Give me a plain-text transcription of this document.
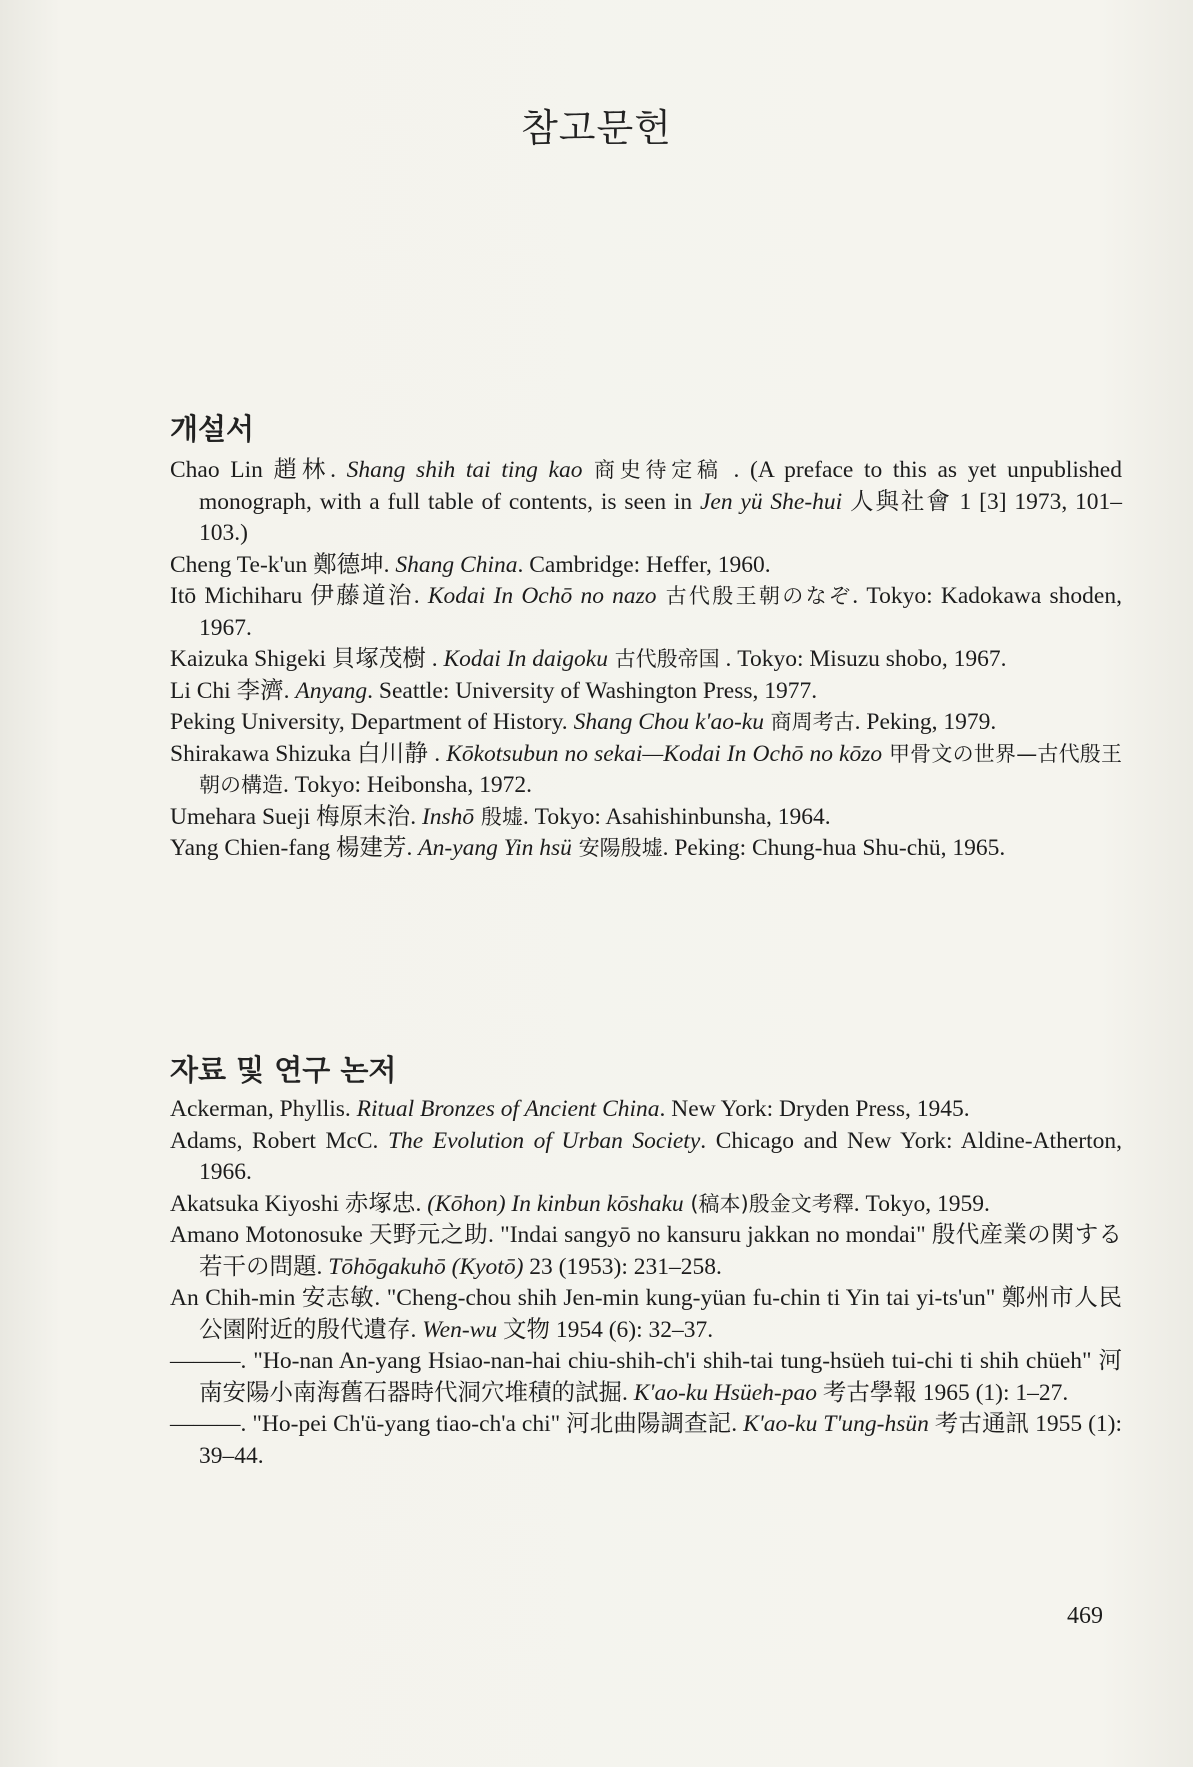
참고문헌
개설서

Chao Lin 趙林. Shang shih tai ting kao 商史待定稿 . (A preface to this as yet unpublished monograph, with a full table of contents, is seen in Jen yü She-hui 人與社會 1 [3] 1973, 101–103.)

Cheng Te-k'un 鄭德坤. Shang China. Cambridge: Heffer, 1960.

Itō Michiharu 伊藤道治. Kodai In Ochō no nazo 古代殷王朝のなぞ. Tokyo: Kadokawa shoden, 1967.

Kaizuka Shigeki 貝塚茂樹 . Kodai In daigoku 古代殷帝国 . Tokyo: Misuzu shobo, 1967.

Li Chi 李濟. Anyang. Seattle: University of Washington Press, 1977.

Peking University, Department of History. Shang Chou k'ao-ku 商周考古. Peking, 1979.

Shirakawa Shizuka 白川静 . Kōkotsubun no sekai—Kodai In Ochō no kōzo 甲骨文の世界—古代殷王朝の構造. Tokyo: Heibonsha, 1972.

Umehara Sueji 梅原末治. Inshō 殷墟. Tokyo: Asahishinbunsha, 1964.

Yang Chien-fang 楊建芳. An-yang Yin hsü 安陽殷墟. Peking: Chung-hua Shu-chü, 1965.

자료 및 연구 논저

Ackerman, Phyllis. Ritual Bronzes of Ancient China. New York: Dryden Press, 1945.

Adams, Robert McC. The Evolution of Urban Society. Chicago and New York: Aldine-Atherton, 1966.

Akatsuka Kiyoshi 赤塚忠. (Kōhon) In kinbun kōshaku (稿本)殷金文考釋. Tokyo, 1959.

Amano Motonosuke 天野元之助. "Indai sangyō no kansuru jakkan no mondai" 殷代産業の関する若干の問題. Tōhōgakuhō (Kyotō) 23 (1953): 231–258.

An Chih-min 安志敏. "Cheng-chou shih Jen-min kung-yüan fu-chin ti Yin tai yi-ts'un" 鄭州市人民公園附近的殷代遺存. Wen-wu 文物 1954 (6): 32–37.

———. "Ho-nan An-yang Hsiao-nan-hai chiu-shih-ch'i shih-tai tung-hsüeh tui-chi ti shih chüeh" 河南安陽小南海舊石器時代洞穴堆積的試掘. K'ao-ku Hsüeh-pao 考古學報 1965 (1): 1–27.

———. "Ho-pei Ch'ü-yang tiao-ch'a chi" 河北曲陽調查記. K'ao-ku T'ung-hsün 考古通訊 1955 (1): 39–44.

469
